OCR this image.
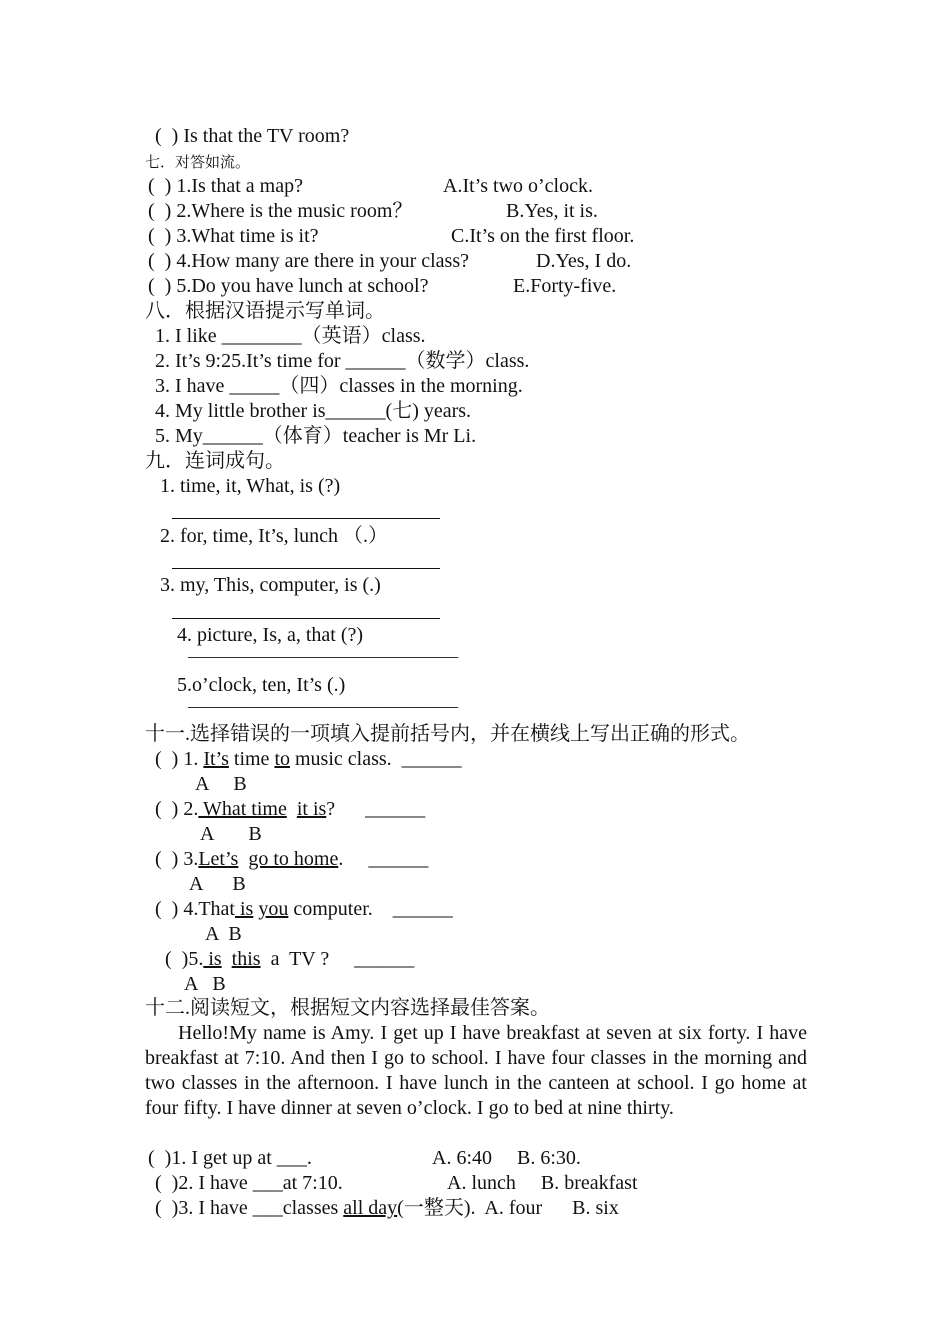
(  ) Is that the TV room?
七．对答如流。
(  ) 1.Is that a map?	A.It’s two o’clock.
(  ) 2.Where is the music room？	B.Yes, it is.
(  ) 3.What time is it?	C.It’s on the first floor.
(  ) 4.How many are there in your class?	D.Yes, I do.
(  ) 5.Do you have lunch at school?	E.Forty-five.
八．根据汉语提示写单词。
1. I like ________（英语）class.
2. It’s 9:25.It’s time for ______（数学）class.
3. I have _____（四）classes in the morning.
4. My little brother is______(七) years.
5. My______（体育）teacher is Mr Li.
九．连词成句。
1. time, it, What, is (?)
2. for, time, It’s, lunch （.）
3. my, This, computer, is (.)
4. picture, Is, a, that (?)
———————————————
5.o’clock, ten, It’s (.)
———————————————
十一.选择错误的一项填入提前括号内，并在横线上写出正确的形式。
(  ) 1. It’s time to music class.  ______
A     B
(  ) 2. What time it is?      ______
A       B
(  ) 3.Let’s go to home.     ______
A      B
(  ) 4.That is you computer.    ______
A  B
(  )5. is this  a  TV ?     ______
A   B
十二.阅读短文，根据短文内容选择最佳答案。
Hello!My name is Amy. I get up I have breakfast at seven at six forty. I have breakfast at 7:10. And then I go to school. I have four classes in the morning and two classes in the afternoon. I have lunch in the canteen at school. I go home at four fifty. I have dinner at seven o’clock. I go to bed at nine thirty.
(  )1. I get up at ___.	A. 6:40     B. 6:30.
(  )2. I have ___at 7:10.	A. lunch     B. breakfast
(  )3. I have ___classes all day(一整天).  A. four      B. six
